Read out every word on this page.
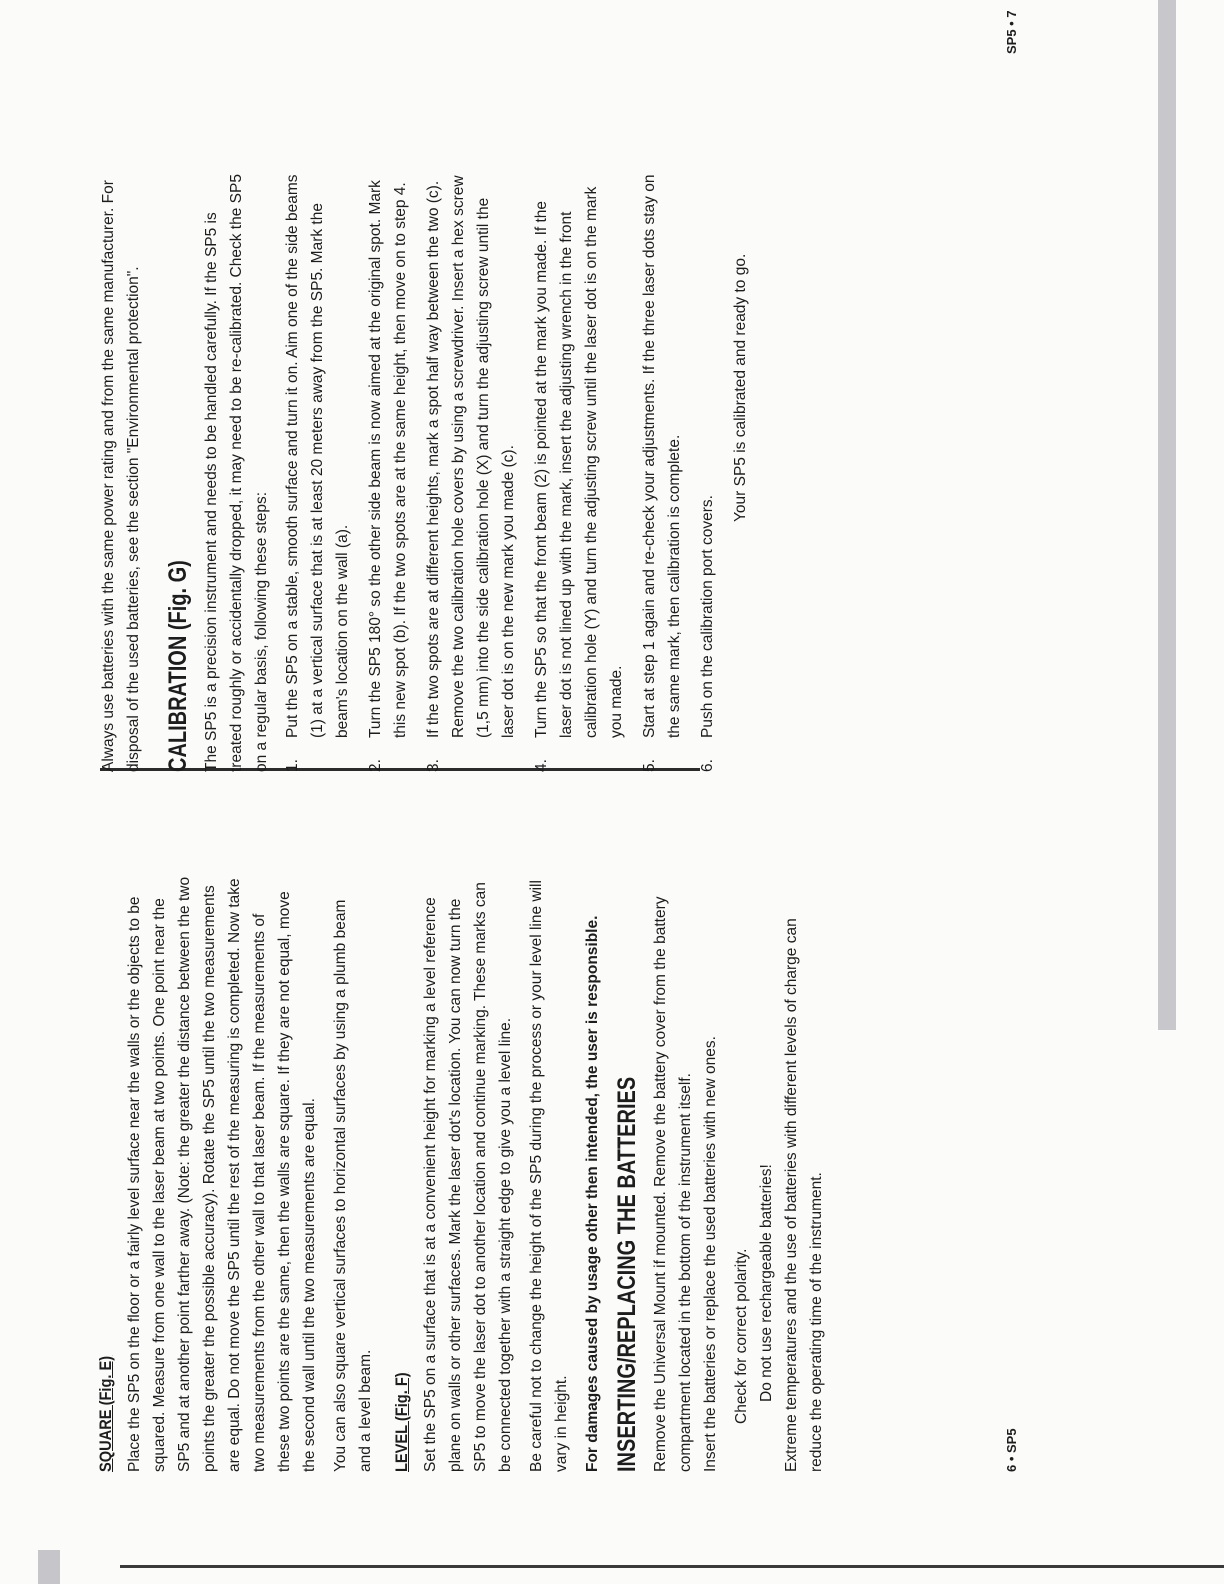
SQUARE (Fig. E) Place the SP5 on the floor or a fairly level surface near the walls or the objects to be squared. Measure from one wall to the laser beam at two points. One point near the SP5 and at another point farther away. (Note: the greater the distance between the two points the greater the possible accuracy). Rotate the SP5 until the two measurements are equal. Do not move the SP5 until the rest of the measuring is completed. Now take two measurements from the other wall to that laser beam. If the measurements of these two points are the same, then the walls are square. If they are not equal, move the second wall until the two measurements are equal. You can also square vertical surfaces to horizontal surfaces by using a plumb beam and a level beam. LEVEL (Fig. F) Set the SP5 on a surface that is at a convenient height for marking a level reference plane on walls or other surfaces. Mark the laser dot's location. You can now turn the SP5 to move the laser dot to another location and continue marking. These marks can be connected together with a straight edge to give you a level line. Be careful not to change the height of the SP5 during the process or your level line will vary in height. For damages caused by usage other then intended, the user is responsible. INSERTING/REPLACING THE BATTERIES Remove the Universal Mount if mounted. Remove the battery cover from the battery compartment located in the bottom of the instrument itself. Insert the batteries or replace the used batteries with new ones. Check for correct polarity. Do not use rechargeable batteries! Extreme temperatures and the use of batteries with different levels of charge can reduce the operating time of the instrument.

Always use batteries with the same power rating and from the same manufacturer. For disposal of the used batteries, see the section "Environmental protection". CALIBRATION (Fig. G) The SP5 is a precision instrument and needs to be handled carefully. If the SP5 is treated roughly or accidentally dropped, it may need to be re-calibrated. Check the SP5 on a regular basis, following these steps: 1.
Put the SP5 on a stable, smooth surface and turn it on. Aim one of the side beams (1) at a vertical surface that is at least 20 meters away from the SP5. Mark the beam's location on the wall (a).
2.
Turn the SP5 180° so the other side beam is now aimed at the original spot. Mark this new spot (b). If the two spots are at the same height, then move on to step 4.
3.
If the two spots are at different heights, mark a spot half way between the two (c). Remove the two calibration hole covers by using a screwdriver. Insert a hex screw (1,5 mm) into the side calibration hole (X) and turn the adjusting screw until the laser dot is on the new mark you made (c).
4.
Turn the SP5 so that the front beam (2) is pointed at the mark you made. If the laser dot is not lined up with the mark, insert the adjusting wrench in the front calibration hole (Y) and turn the adjusting screw until the laser dot is on the mark you made.
5.
Start at step 1 again and re-check your adjustments. If the three laser dots stay on the same mark, then calibration is complete.
6.
Push on the calibration port covers.

Your SP5 is calibrated and ready to go.

6 • SP5
SP5 • 7
